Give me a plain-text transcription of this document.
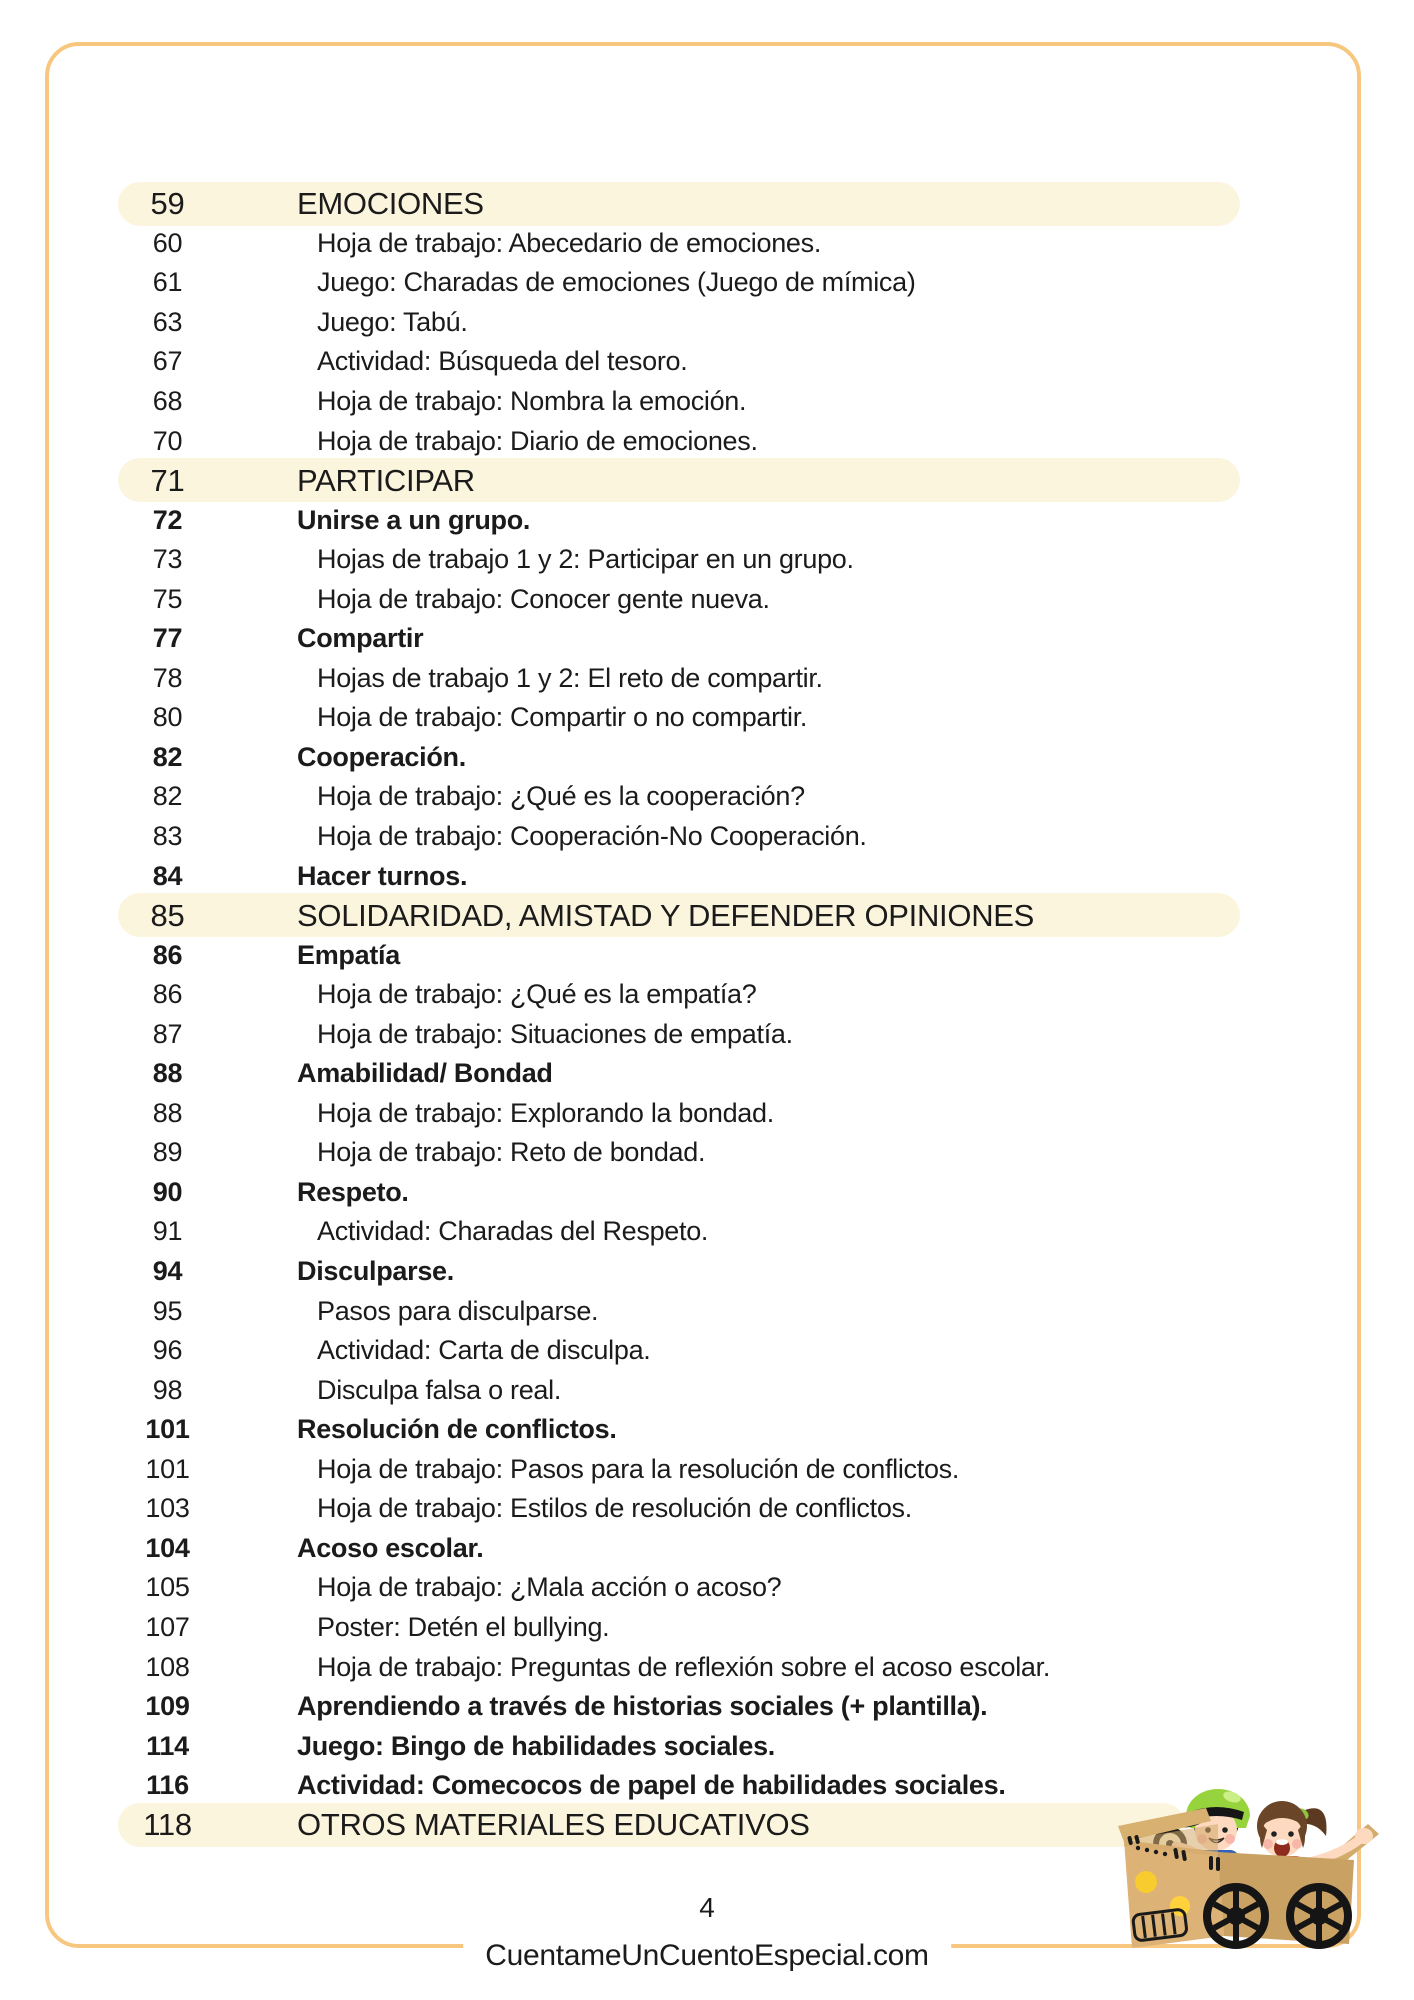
59	EMOCIONES
60	Hoja de trabajo: Abecedario de emociones.
61	Juego: Charadas de emociones (Juego de mímica)
63	Juego: Tabú.
67	Actividad: Búsqueda del tesoro.
68	Hoja de trabajo: Nombra la emoción.
70	Hoja de trabajo: Diario de emociones.
71	PARTICIPAR
72	Unirse a un grupo.
73	Hojas de trabajo 1 y 2: Participar en un grupo.
75	Hoja de trabajo: Conocer gente nueva.
77	Compartir
78	Hojas de trabajo 1 y 2: El reto de compartir.
80	Hoja de trabajo: Compartir o no compartir.
82	Cooperación.
82	Hoja de trabajo: ¿Qué es la cooperación?
83	Hoja de trabajo: Cooperación-No Cooperación.
84	Hacer turnos.
85	SOLIDARIDAD, AMISTAD Y DEFENDER OPINIONES
86	Empatía
86	Hoja de trabajo: ¿Qué es la empatía?
87	Hoja de trabajo: Situaciones de empatía.
88	Amabilidad/ Bondad
88	Hoja de trabajo: Explorando la bondad.
89	Hoja de trabajo: Reto de bondad.
90	Respeto.
91	Actividad: Charadas del Respeto.
94	Disculparse.
95	Pasos para disculparse.
96	Actividad: Carta de disculpa.
98	Disculpa falsa o real.
101	Resolución de conflictos.
101	Hoja de trabajo: Pasos para la resolución de conflictos.
103	Hoja de trabajo: Estilos de resolución de conflictos.
104	Acoso escolar.
105	Hoja de trabajo: ¿Mala acción o acoso?
107	Poster: Detén el bullying.
108	Hoja de trabajo: Preguntas de reflexión sobre el acoso escolar.
109	Aprendiendo a través de historias sociales (+ plantilla).
114	Juego: Bingo de habilidades sociales.
116	Actividad: Comecocos de papel de habilidades sociales.
118	OTROS MATERIALES EDUCATIVOS
4
CuentameUnCuentoEspecial.com
